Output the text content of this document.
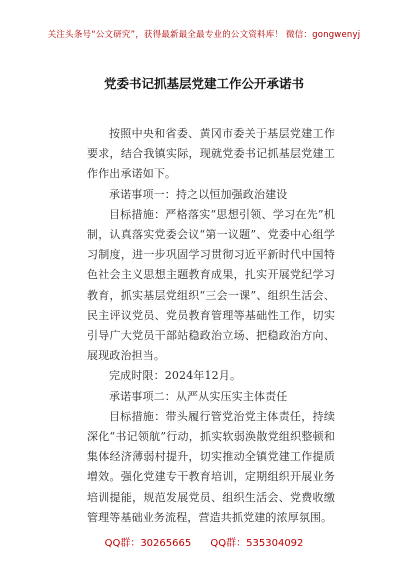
关注头条号“公文研究”，获得最新最全最专业的公文资料库！ 微信：gongwenyj
党委书记抓基层党建工作公开承诺书

按照中央和省委、黄冈市委关于基层党建工作要求，结合我镇实际，现就党委书记抓基层党建工作作出承诺如下。

承诺事项一：持之以恒加强政治建设

目标措施：严格落实“思想引领、学习在先”机制，认真落实党委会议“第一议题”、党委中心组学习制度，进一步巩固学习贯彻习近平新时代中国特色社会主义思想主题教育成果，扎实开展党纪学习教育，抓实基层党组织“三会一课”、组织生活会、民主评议党员、党员教育管理等基础性工作，切实引导广大党员干部站稳政治立场、把稳政治方向、展现政治担当。

完成时限：2024年12月。

承诺事项二：从严从实压实主体责任

目标措施：带头履行管党治党主体责任，持续深化“书记领航”行动，抓实软弱涣散党组织整顿和集体经济薄弱村提升，切实推动全镇党建工作提质增效。强化党建专干教育培训，定期组织开展业务培训提能，规范发展党员、组织生活会、党费收缴管理等基础业务流程，营造共抓党建的浓厚氛围。

QQ群：30265665 QQ群：535304092
